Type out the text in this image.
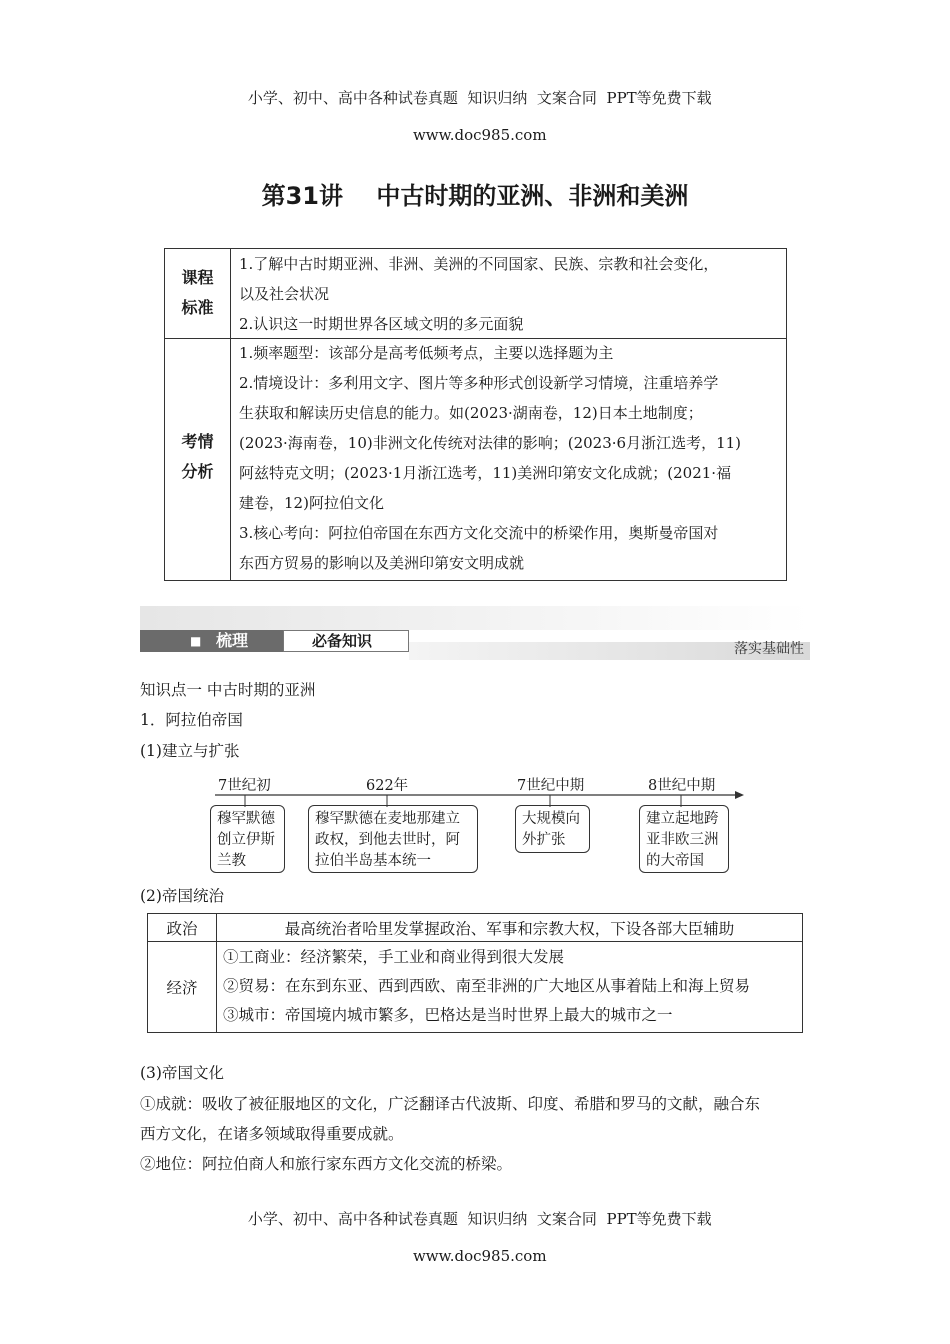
小学、初中、高中各种试卷真题  知识归纳  文案合同  PPT等免费下载

www.doc985.com

第31讲    中古时期的亚洲、非洲和美洲
课程
标准
1.了解中古时期亚洲、非洲、美洲的不同国家、民族、宗教和社会变化，
以及社会状况
2.认识这一时期世界各区域文明的多元面貌
考情
分析
1.频率题型：该部分是高考低频考点，主要以选择题为主
2.情境设计：多利用文字、图片等多种形式创设新学习情境，注重培养学
生获取和解读历史信息的能力。如(2023·湖南卷，12)日本土地制度；
(2023·海南卷，10)非洲文化传统对法律的影响；(2023·6月浙江选考，11)
阿兹特克文明；(2023·1月浙江选考，11)美洲印第安文化成就；(2021·福
建卷，12)阿拉伯文化
3.核心考向：阿拉伯帝国在东西方文化交流中的桥梁作用，奥斯曼帝国对
东西方贸易的影响以及美洲印第安文明成就
■ 梳理	必备知识	落实基础性
知识点一 中古时期的亚洲
1．阿拉伯帝国
(1)建立与扩张
7世纪初	622年	7世纪中期	8世纪中期
穆罕默德
创立伊斯
兰教
穆罕默德在麦地那建立
政权，到他去世时，阿
拉伯半岛基本统一
大规模向
外扩张
建立起地跨
亚非欧三洲
的大帝国
(2)帝国统治
政治	最高统治者哈里发掌握政治、军事和宗教大权，下设各部大臣辅助
经济	①工商业：经济繁荣，手工业和商业得到很大发展
②贸易：在东到东亚、西到西欧、南至非洲的广大地区从事着陆上和海上贸易
③城市：帝国境内城市繁多，巴格达是当时世界上最大的城市之一
(3)帝国文化
①成就：吸收了被征服地区的文化，广泛翻译古代波斯、印度、希腊和罗马的文献，融合东
西方文化，在诸多领域取得重要成就。
②地位：阿拉伯商人和旅行家东西方文化交流的桥梁。

小学、初中、高中各种试卷真题  知识归纳  文案合同  PPT等免费下载

www.doc985.com
